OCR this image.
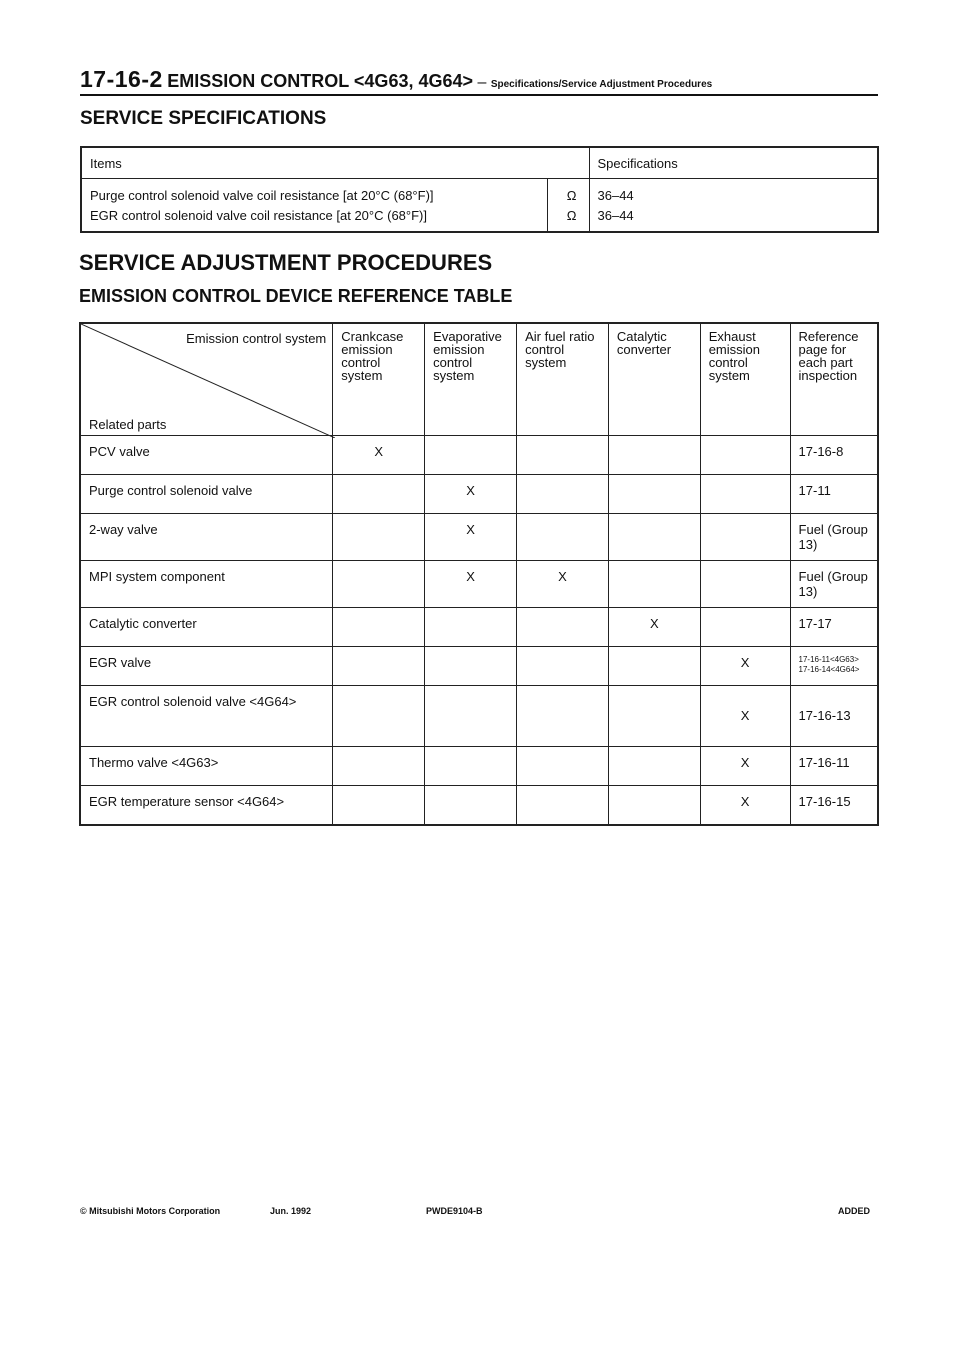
17-16-2 EMISSION CONTROL <4G63, 4G64> – Specifications/Service Adjustment Procedures
SERVICE SPECIFICATIONS
Items		Specifications
Purge control solenoid valve coil resistance [at 20°C (68°F)]	Ω	36–44
EGR control solenoid valve coil resistance [at 20°C (68°F)]	Ω	36–44
SERVICE ADJUSTMENT PROCEDURES
EMISSION CONTROL DEVICE REFERENCE TABLE
Emission control system
Related parts	Crankcase emission control system	Evaporative emission control system	Air fuel ratio control system	Catalytic converter	Exhaust emission control system	Reference page for each part inspection
PCV valve	X					17-16-8
Purge control solenoid valve		X				17-11
2-way valve		X				Fuel (Group 13)
MPI system component		X	X			Fuel (Group 13)
Catalytic converter				X		17-17
EGR valve					X	17-16-11<4G63>
17-16-14<4G64>

EGR control solenoid valve <4G64>					X	17-16-13
Thermo valve <4G63>					X	17-16-11
EGR temperature sensor <4G64>					X	17-16-15
© Mitsubishi Motors Corporation	Jun. 1992	PWDE9104-B	ADDED
